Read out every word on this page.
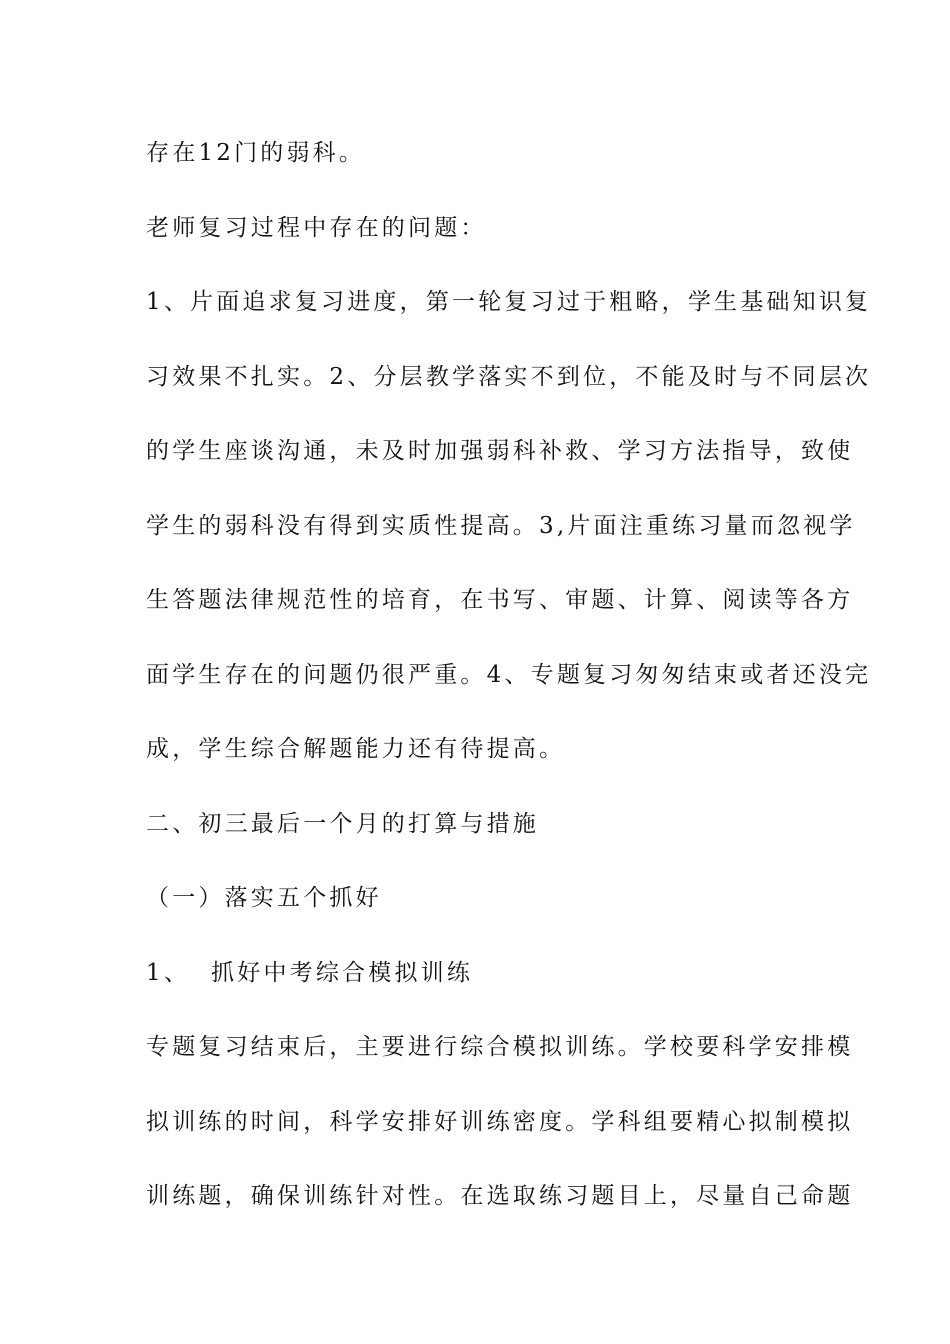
存在12门的弱科。
老师复习过程中存在的问题：
1、片面追求复习进度，第一轮复习过于粗略，学生基础知识复
习效果不扎实。2、分层教学落实不到位，不能及时与不同层次
的学生座谈沟通，未及时加强弱科补救、学习方法指导，致使
学生的弱科没有得到实质性提高。3,片面注重练习量而忽视学
生答题法律规范性的培育，在书写、审题、计算、阅读等各方
面学生存在的问题仍很严重。4、专题复习匆匆结束或者还没完
成，学生综合解题能力还有待提高。
二、初三最后一个月的打算与措施
（一）落实五个抓好
1、  抓好中考综合模拟训练
专题复习结束后，主要进行综合模拟训练。学校要科学安排模
拟训练的时间，科学安排好训练密度。学科组要精心拟制模拟
训练题，确保训练针对性。在选取练习题目上，尽量自己命题
